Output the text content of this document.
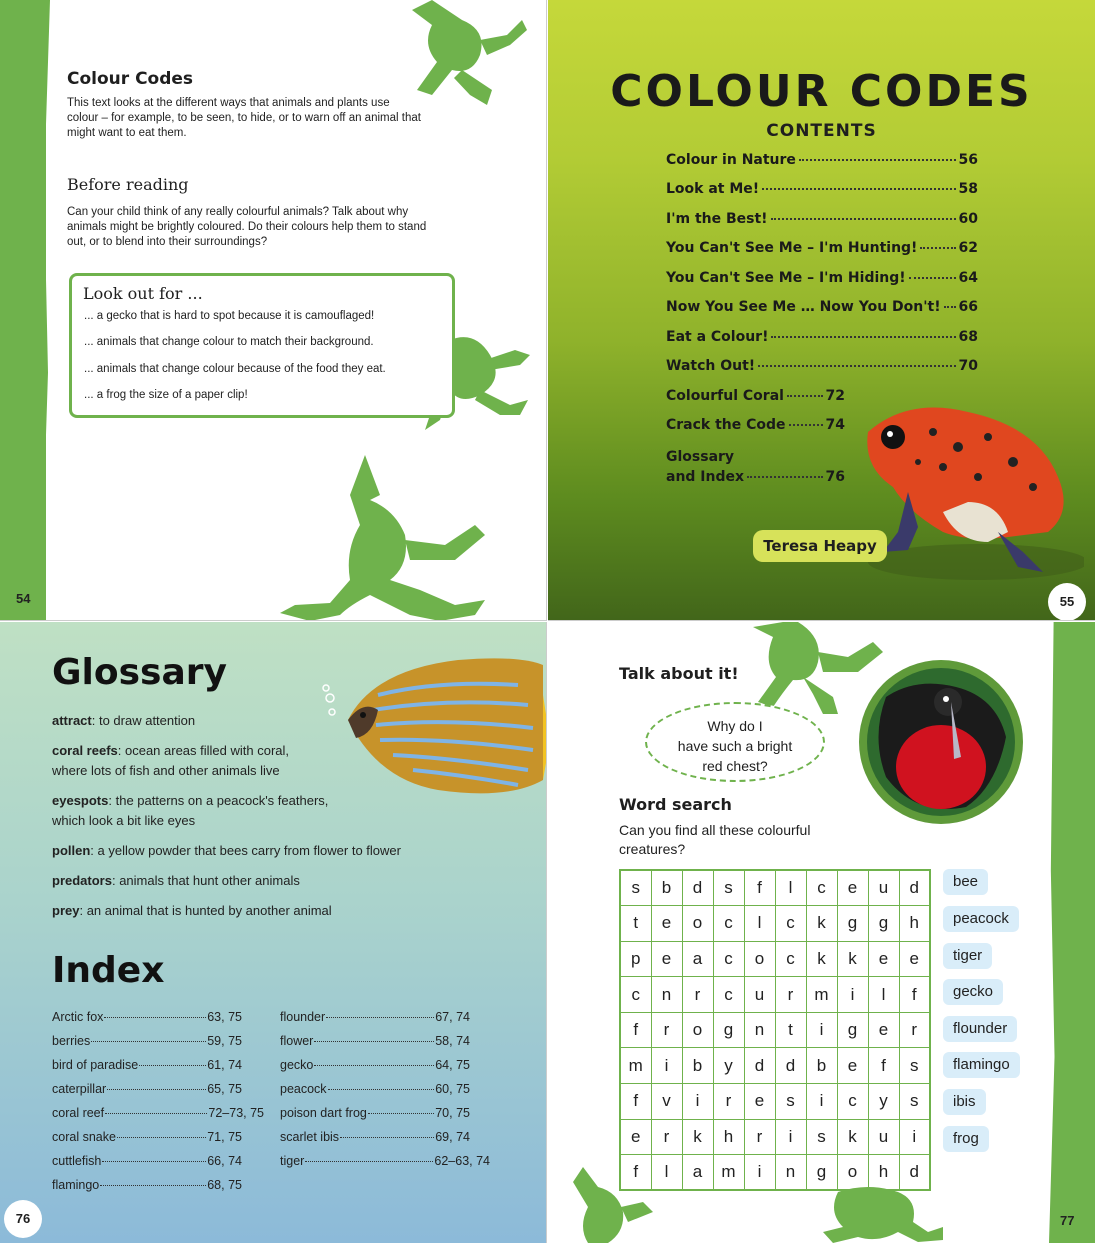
Colour Codes
This text looks at the different ways that animals and plants use colour – for example, to be seen, to hide, or to warn off an animal that might want to eat them.
Before reading
Can your child think of any really colourful animals? Talk about why animals might be brightly coloured. Do their colours help them to stand out, or to blend into their surroundings?
Look out for ...
... a gecko that is hard to spot because it is camouflaged!
... animals that change colour to match their background.
... animals that change colour because of the food they eat.
... a frog the size of a paper clip!
54
COLOUR CODES
CONTENTS
Colour in Nature	56
Look at Me!	58
I'm the Best!	60
You Can't See Me – I'm Hunting!	62
You Can't See Me – I'm Hiding!	64
Now You See Me … Now You Don't! 66
Eat a Colour!	68
Watch Out!	70
Colourful Coral	72
Crack the Code	74
Glossary
and Index	76
Teresa Heapy
55
Glossary
attract: to draw attention
coral reefs: ocean areas filled with coral,
where lots of fish and other animals live
eyespots: the patterns on a peacock's feathers,
which look a bit like eyes
pollen: a yellow powder that bees carry from flower to flower
predators: animals that hunt other animals
prey: an animal that is hunted by another animal
Index
Arctic fox	63, 75
berries	59, 75
bird of paradise	61, 74
caterpillar	65, 75
coral reef	72–73, 75
coral snake	71, 75
cuttlefish	66, 74
flamingo	68, 75
flounder	67, 74
flower	58, 74
gecko	64, 75
peacock	60, 75
poison dart frog	70, 75
scarlet ibis	69, 74
tiger	62–63, 74
76
Talk about it!
Why do I
have such a bright
red chest?
Word search
Can you find all these colourful
creatures?
s	b	d	s	f	l	c	e	u	d
t	e	o	c	l	c	k	g	g	h
p	e	a	c	o	c	k	k	e	e
c	n	r	c	u	r	m	i	l	f
f	r	o	g	n	t	i	g	e	r
m	i	b	y	d	d	b	e	f	s
f	v	i	r	e	s	i	c	y	s
e	r	k	h	r	i	s	k	u	i
f	l	a	m	i	n	g	o	h	d
bee
peacock
tiger
gecko
flounder
flamingo
ibis
frog
77
